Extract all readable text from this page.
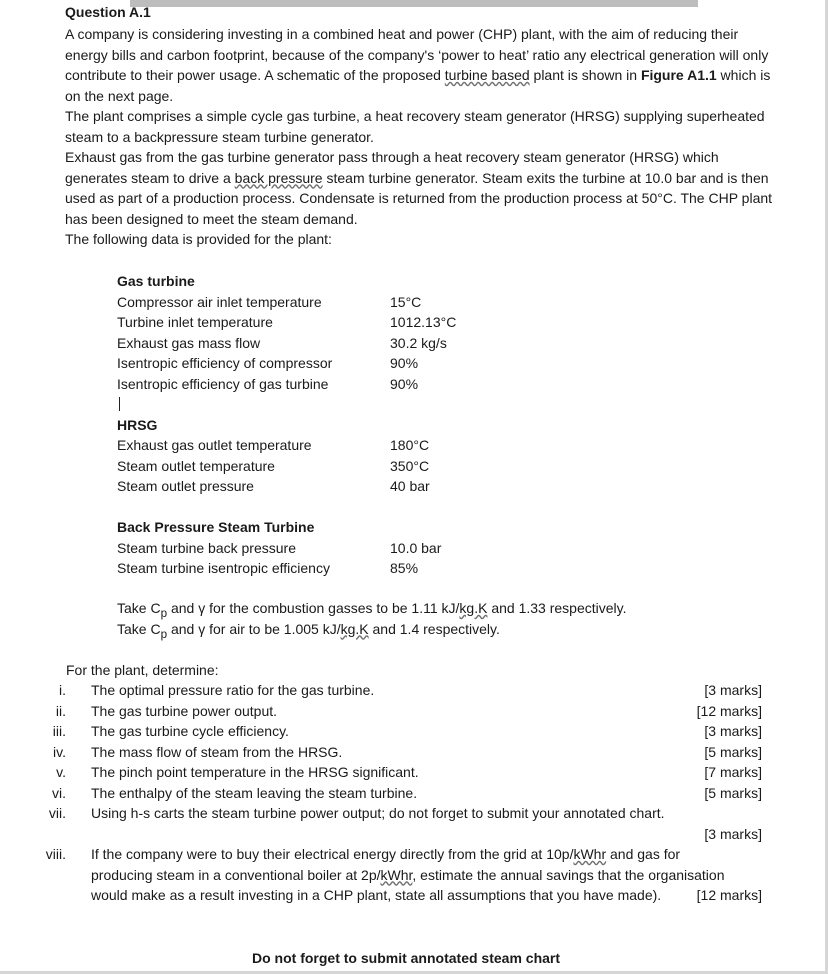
Question A.1

A company is considering investing in a combined heat and power (CHP) plant, with the aim of reducing their energy bills and carbon footprint, because of the company's ‘power to heat’ ratio any electrical generation will only contribute to their power usage. A schematic of the proposed turbine based plant is shown in Figure A1.1 which is on the next page.

The plant comprises a simple cycle gas turbine, a heat recovery steam generator (HRSG) supplying superheated steam to a backpressure steam turbine generator.

Exhaust gas from the gas turbine generator pass through a heat recovery steam generator (HRSG) which generates steam to drive a back pressure steam turbine generator. Steam exits the turbine at 10.0 bar and is then used as part of a production process. Condensate is returned from the production process at 50°C. The CHP plant has been designed to meet the steam demand.

The following data is provided for the plant:

Gas turbine
Compressor air inlet temperature	15°C
Turbine inlet temperature	1012.13°C
Exhaust gas mass flow	30.2 kg/s
Isentropic efficiency of compressor	90%
Isentropic efficiency of gas turbine	90%
HRSG
Exhaust gas outlet temperature	180°C
Steam outlet temperature	350°C
Steam outlet pressure	40 bar
Back Pressure Steam Turbine
Steam turbine back pressure	10.0 bar
Steam turbine isentropic efficiency	85%
Take $C_p$ and γ for the combustion gasses to be 1.11 kJ/kg.K and 1.33 respectively.
Take $C_p$ and γ for air to be 1.005 kJ/kg.K and 1.4 respectively.
For the plant, determine:
i. The optimal pressure ratio for the gas turbine.	[3 marks]
ii. The gas turbine power output.	[12 marks]
iii. The gas turbine cycle efficiency.	[3 marks]
iv. The mass flow of steam from the HRSG.	[5 marks]
v. The pinch point temperature in the HRSG significant.	[7 marks]
vi. The enthalpy of the steam leaving the steam turbine.	[5 marks]
vii. Using h-s carts the steam turbine power output; do not forget to submit your annotated chart.
[3 marks]
viii. If the company were to buy their electrical energy directly from the grid at 10p/kWhr and gas for producing steam in a conventional boiler at 2p/kWhr, estimate the annual savings that the organisation would make as a result investing in a CHP plant, state all assumptions that you have made).	[12 marks]
Do not forget to submit annotated steam chart
